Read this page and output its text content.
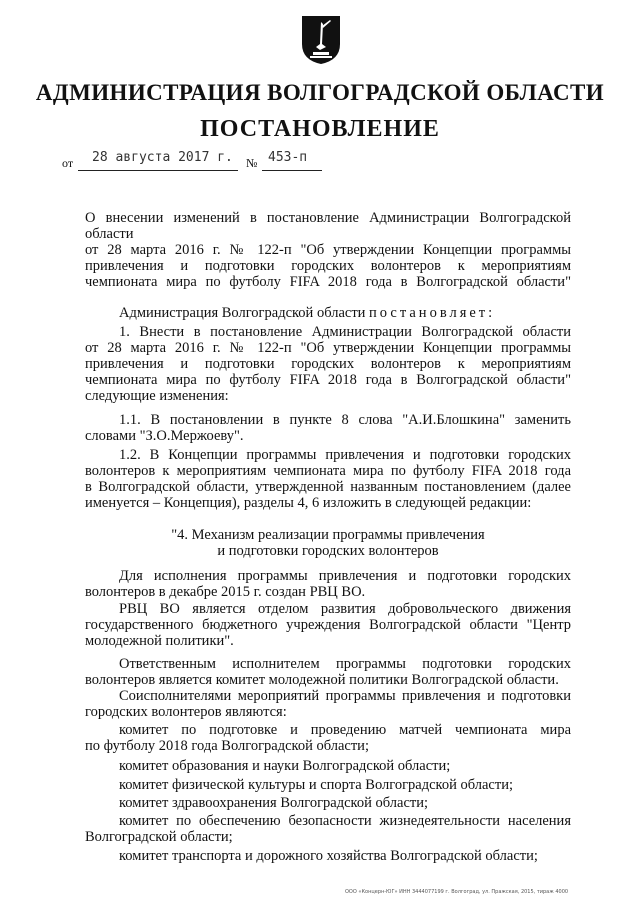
АДМИНИСТРАЦИЯ ВОЛГОГРАДСКОЙ ОБЛАСТИ
ПОСТАНОВЛЕНИЕ
от 28 августа 2017 г. № 453-п
О внесении изменений в постановление Администрации Волгоградской области
от 28 марта 2016 г. № 122-п "Об утверждении Концепции программы
привлечения и подготовки городских волонтеров к мероприятиям
чемпионата мира по футболу FIFA 2018 года в Волгоградской области"
Администрация Волгоградской области постановляет:
1. Внести в постановление Администрации Волгоградской области
от 28 марта 2016 г. № 122-п "Об утверждении Концепции программы
привлечения и подготовки городских волонтеров к мероприятиям
чемпионата мира по футболу FIFA 2018 года в Волгоградской области"
следующие изменения:
1.1. В постановлении в пункте 8 слова "А.И.Блошкина" заменить
словами "З.О.Мержоеву".
1.2. В Концепции программы привлечения и подготовки городских
волонтеров к мероприятиям чемпионата мира по футболу FIFA 2018 года
в Волгоградской области, утвержденной названным постановлением (далее
именуется – Концепция), разделы 4, 6 изложить в следующей редакции:
"4. Механизм реализации программы привлечения
и подготовки городских волонтеров
Для исполнения программы привлечения и подготовки городских
волонтеров в декабре 2015 г. создан РВЦ ВО.
РВЦ ВО является отделом развития добровольческого движения
государственного бюджетного учреждения Волгоградской области "Центр
молодежной политики".
Ответственным исполнителем программы подготовки городских
волонтеров является комитет молодежной политики Волгоградской области.
Соисполнителями мероприятий программы привлечения и подготовки
городских волонтеров являются:
комитет по подготовке и проведению матчей чемпионата мира
по футболу 2018 года Волгоградской области;
комитет образования и науки Волгоградской области;
комитет физической культуры и спорта Волгоградской области;
комитет здравоохранения Волгоградской области;
комитет по обеспечению безопасности жизнедеятельности населения
Волгоградской области;
комитет транспорта и дорожного хозяйства Волгоградской области;
ООО «Концерн-ЮГ» ИНН 3444077199 г. Волгоград, ул. Пражская, 2015, тираж 4000
